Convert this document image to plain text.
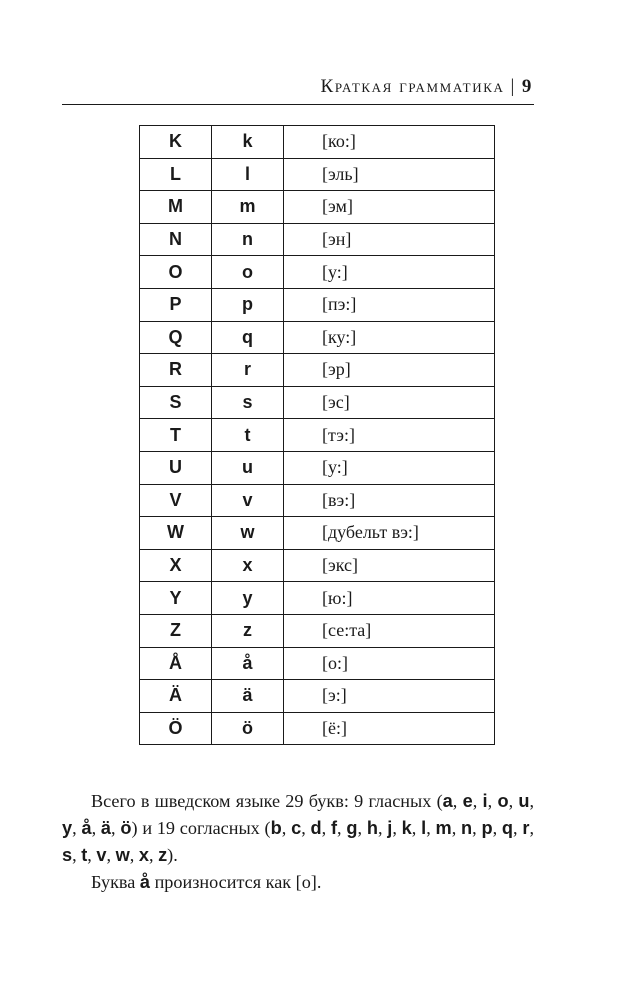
Краткая грамматика | 9
K	k	[ко:]
L	l	[эль]
M	m	[эм]
N	n	[эн]
O	o	[у:]
P	p	[пэ:]
Q	q	[ку:]
R	r	[эр]
S	s	[эс]
T	t	[тэ:]
U	u	[у:]
V	v	[вэ:]
W	w	[дубельт вэ:]
X	x	[экс]
Y	y	[ю:]
Z	z	[се:та]
Å	å	[о:]
Ä	ä	[э:]
Ö	ö	[ё:]

Всего в шведском языке 29 букв: 9 гласных (a, e, i, o, u, y, å, ä, ö) и 19 согласных (b, c, d, f, g, h, j, k, l, m, n, p, q, r, s, t, v, w, x, z).

Буква å произносится как [о].
